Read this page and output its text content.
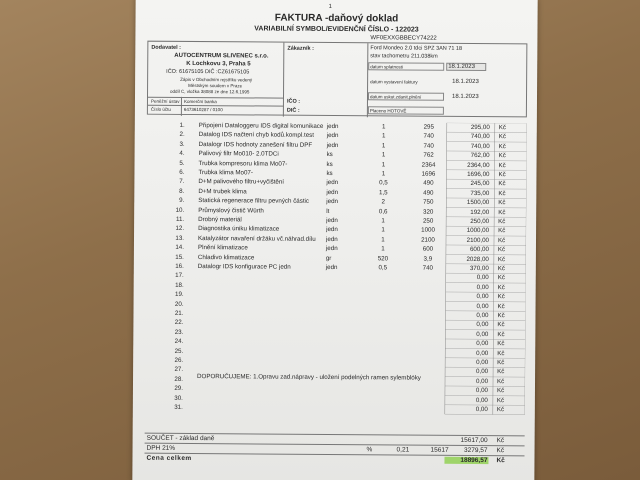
1
FAKTURA -daňový doklad
VARIABILNÍ SYMBOL/EVIDENČNÍ ČÍSLO - 122023
Dodavatel :
AUTOCENTRUM SLIVENEC s.r.o.
K Lochkovu 3, Praha 5
IČO: 61675105 DIČ :CZ61675105
Zápis v Obchodním rejstříku vedený
Městským soudem v Praze
oddíl C, vložka 38088 ze dne 12.6.1995
Peněžní ústav Komerční banka
Číslo účtu	6473610287 / 0100
Zákazník :
IČO :
DIČ :
WF0EXXGBBECY74222
Ford Mondeo 2.0 tdci SPZ 3AN 71 18
stav tachometru 211.038km
datum splatnosti	18.1.2023
datum vystavení faktury	18.1.2023
datum uskut.zdanit.plnění	18.1.2023
Placeno HOTOVĚ
DOPORUČUJEME: 1.Opravu zad.nápravy - uložení podelných ramen sylemblóky
1. Připojení Dataloggeru IDS digital komunikace jedn	1	295	295,00 Kč
2. Datalog IDS načtení chyb kodů.kompl.test jedn	1	740	740,00 Kč
3. Datalogr IDS hodnoty zanešení filtru DPF jedn	1	740	740,00 Kč
4. Palivový filtr Mo010- 2.0TDCi	ks	1	762	762,00 Kč
5. Trubka kompresoru klima Mo07-	ks	1	2364	2364,00 Kč
6. Trubka klima Mo07-	ks	1	1696	1696,00 Kč
7. D+M palivového filtru+vyčištění	jedn	0,5	490	245,00 Kč
8. D+M trubek klima	jedn	1,5	490	735,00 Kč
9. Statická regenerace filtru pevných částic	jedn	2	750	1500,00 Kč
10. Průmyslový čistič Würth	lt	0,6	320	192,00 Kč
11. Drobný materiál	jedn	1	250	250,00 Kč
12. Diagnostika úniku klimatizace	jedn	1	1000	1000,00 Kč
13. Katalyzátor navaření držáku vč.náhrad.dílu jedn	1	2100	2100,00 Kč
14. Plnění klimatizace	jedn	1	600	600,00 Kč
15. Chladivo klimatizace	gr	520	3,9	2028,00 Kč
16. Datalogr IDS konfigurace PC jedn	jedn	0,5	740	370,00 Kč
17.	0,00 Kč
18.	0,00 Kč
19.	0,00 Kč
20.	0,00 Kč
21.	0,00 Kč
22.	0,00 Kč
23.	0,00 Kč
24.	0,00 Kč
25.	0,00 Kč
26.	0,00 Kč
27.	0,00 Kč
28.	0,00 Kč
29.	0,00 Kč
30.	0,00 Kč
31.	0,00 Kč
SOUČET - základ daně	15617,00 Kč
DPH 21%	%	0,21	15617	3279,57 Kč
Cena celkem	18896,57 Kč
